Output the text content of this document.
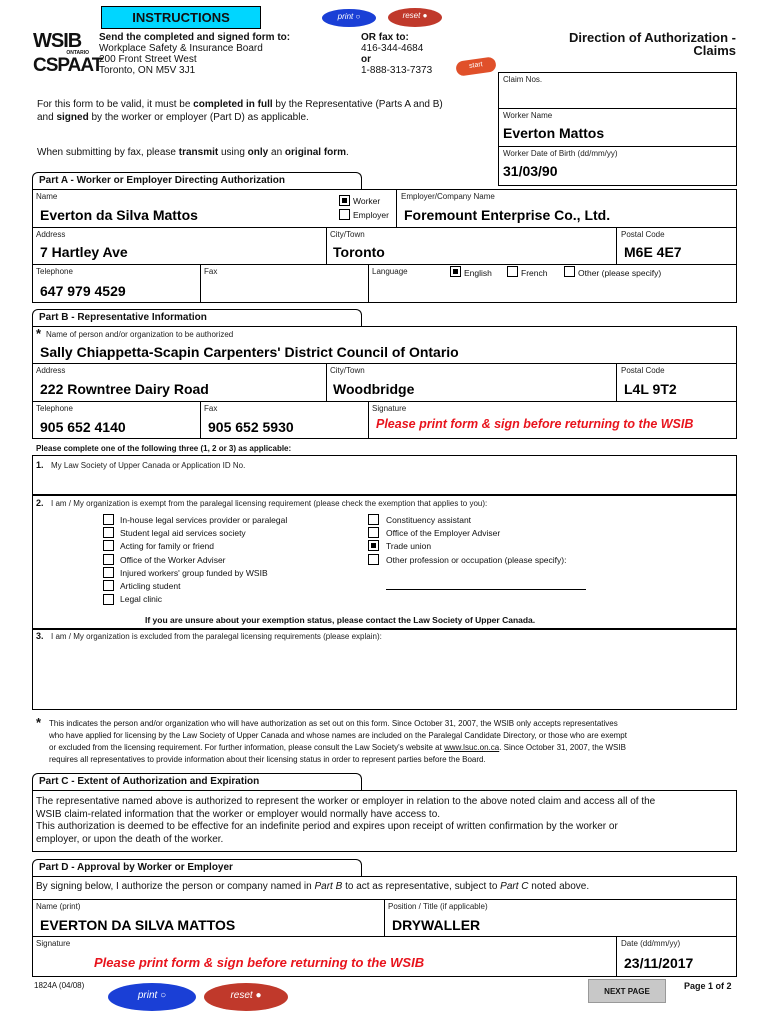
INSTRUCTIONS	print ○	reset ●
WSIB
ONTARIO
CSPAAT
Send the completed and signed form to:
Workplace Safety & Insurance Board
200 Front Street West
Toronto, ON M5V 3J1
OR fax to:
416-344-4684
or
1-888-313-7373
Direction of Authorization -
Claims
start
For this form to be valid, it must be completed in full by the Representative (Parts A and B)
and signed by the worker or employer (Part D) as applicable.
When submitting by fax, please transmit using only an original form.
Claim Nos.
Worker Name
Everton Mattos
Worker Date of Birth (dd/mm/yy)
31/03/90
Part A - Worker or Employer Directing Authorization
Name
Everton da Silva Mattos
Worker
Employer
Employer/Company Name
Foremount Enterprise Co., Ltd.
Address
7 Hartley Ave
City/Town
Toronto
Postal Code
M6E 4E7
Telephone
647 979 4529
Fax	Language	English	French	Other (please specify)
Part B - Representative Information
* Name of person and/or organization to be authorized
Sally Chiappetta-Scapin Carpenters' District Council of Ontario
Address
222 Rowntree Dairy Road
City/Town
Woodbridge
Postal Code
L4L 9T2
Telephone
905 652 4140
Fax
905 652 5930
Signature
Please print form & sign before returning to the WSIB
Please complete one of the following three (1, 2 or 3) as applicable:
1. My Law Society of Upper Canada or Application ID No.
2. I am / My organization is exempt from the paralegal licensing requirement (please check the exemption that applies to you):
In-house legal services provider or paralegal
Student legal aid services society
Acting for family or friend
Office of the Worker Adviser
Injured workers' group funded by WSIB
Articling student
Legal clinic
Constituency assistant
Office of the Employer Adviser
Trade union
Other profession or occupation (please specify):
If you are unsure about your exemption status, please contact the Law Society of Upper Canada.
3. I am / My organization is excluded from the paralegal licensing requirements (please explain):
* This indicates the person and/or organization who will have authorization as set out on this form. Since October 31, 2007, the WSIB only accepts representatives
who have applied for licensing by the Law Society of Upper Canada and whose names are included on the Paralegal Candidate Directory, or those who are exempt
or excluded from the licensing requirement. For further information, please consult the Law Society's website at www.lsuc.on.ca. Since October 31, 2007, the WSIB
requires all representatives to provide information about their licensing status in order to represent parties before the Board.
Part C - Extent of Authorization and Expiration
The representative named above is authorized to represent the worker or employer in relation to the above noted claim and access all of the
WSIB claim-related information that the worker or employer would normally have access to.
This authorization is deemed to be effective for an indefinite period and expires upon receipt of written confirmation by the worker or
employer, or upon the death of the worker.
Part D - Approval by Worker or Employer
By signing below, I authorize the person or company named in Part B to act as representative, subject to Part C noted above.
Name (print)
EVERTON DA SILVA MATTOS
Position / Title (if applicable)
DRYWALLER
Signature
Please print form & sign before returning to the WSIB
Date (dd/mm/yy)
23/11/2017
1824A (04/08)
print ○	reset ●	NEXT PAGE
Page 1 of 2
